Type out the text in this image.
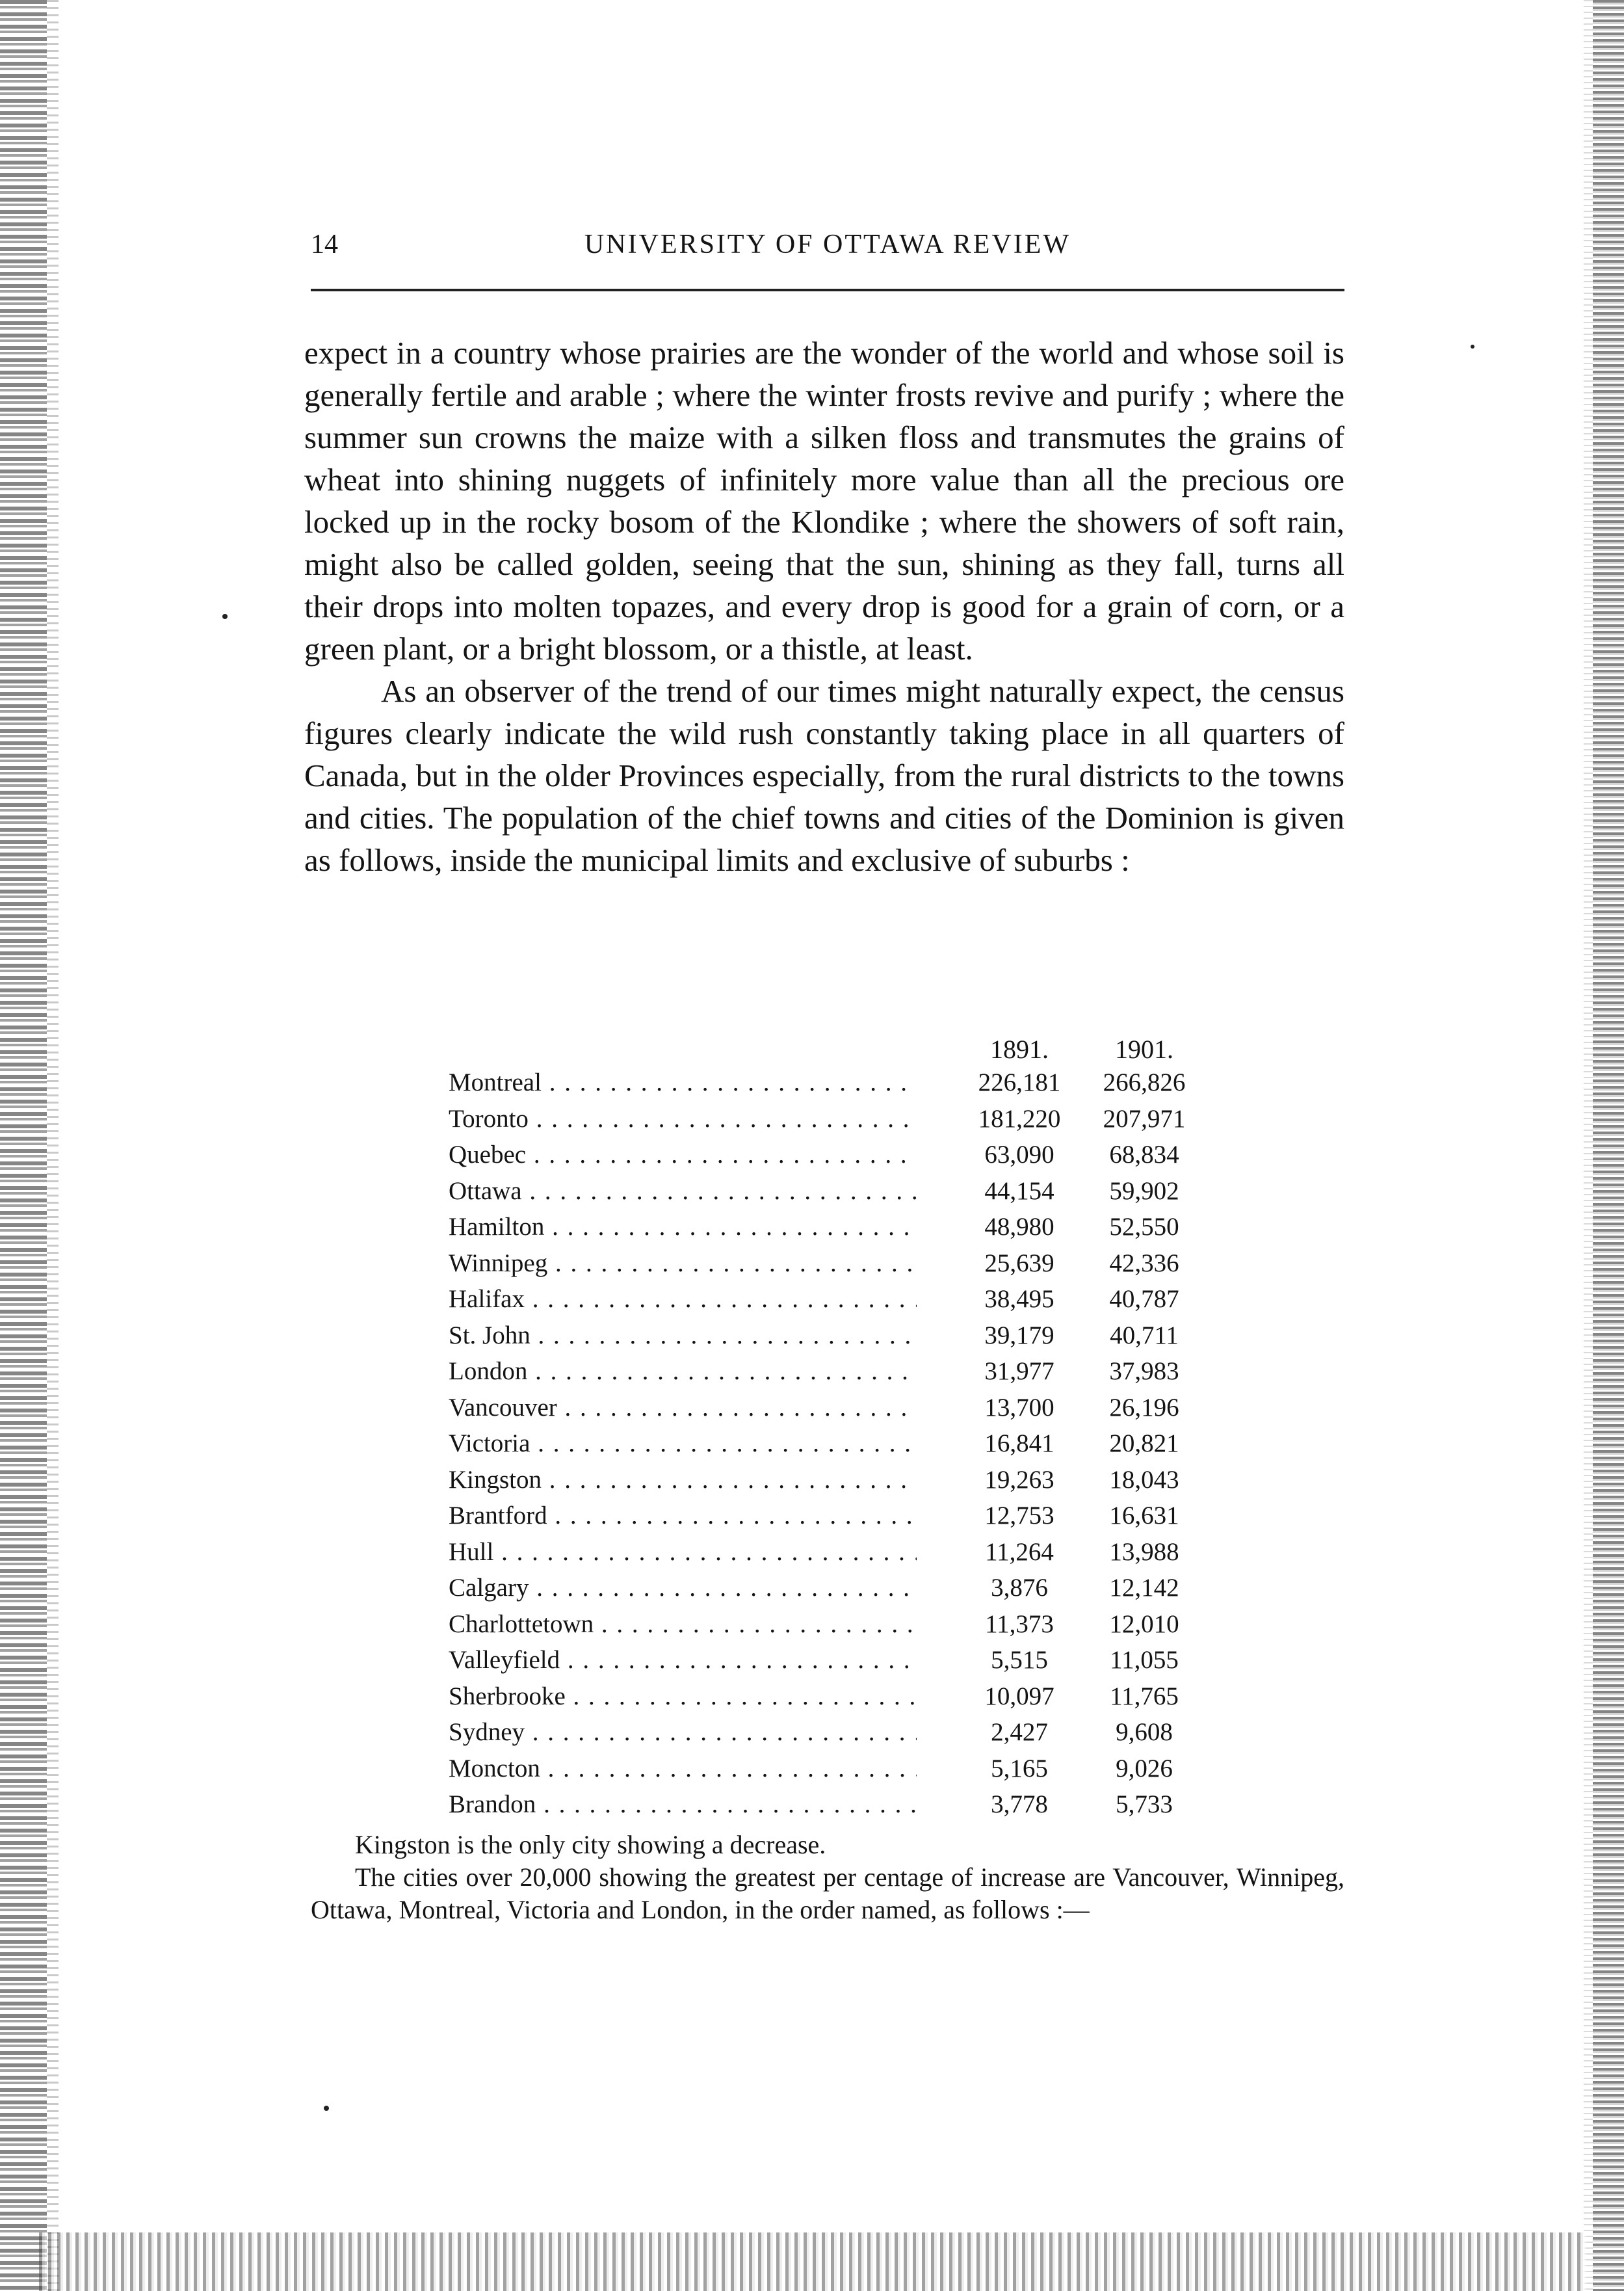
14	UNIVERSITY OF OTTAWA REVIEW

expect in a country whose prairies are the wonder of the world and whose soil is generally fertile and arable ; where the winter frosts revive and purify ; where the summer sun crowns the maize with a silken floss and transmutes the grains of wheat into shining nuggets of infinitely more value than all the precious ore locked up in the rocky bosom of the Klondike ; where the showers of soft rain, might also be called golden, seeing that the sun, shining as they fall, turns all their drops into molten topazes, and every drop is good for a grain of corn, or a green plant, or a bright blossom, or a thistle, at least.

As an observer of the trend of our times might naturally expect, the census figures clearly indicate the wild rush constantly taking place in all quarters of Canada, but in the older Provinces especially, from the rural districts to the towns and cities. The population of the chief towns and cities of the Dominion is given as follows, inside the municipal limits and exclusive of suburbs :

1891.	1901.
Montreal . . .	226,181	266,826
Toronto . . .	181,220	207,971
Quebec . . .	63,090	68,834
Ottawa . . .	44,154	59,902
Hamilton . . .	48,980	52,550
Winnipeg . . .	25,639	42,336
Halifax . . .	38,495	40,787
St. John . . .	39,179	40,711
London . . .	31,977	37,983
Vancouver . . .	13,700	26,196
Victoria . . .	16,841	20,821
Kingston . . .	19,263	18,043
Brantford . . .	12,753	16,631
Hull . . .	11,264	13,988
Calgary . . .	3,876	12,142
Charlottetown . . .	11,373	12,010
Valleyfield . . .	5,515	11,055
Sherbrooke . . .	10,097	11,765
Sydney . . .	2,427	9,608
Moncton . . .	5,165	9,026
Brandon . . .	3,778	5,733

Kingston is the only city showing a decrease.

The cities over 20,000 showing the greatest per centage of increase are Vancouver, Winnipeg, Ottawa, Montreal, Victoria and London, in the order named, as follows :—
